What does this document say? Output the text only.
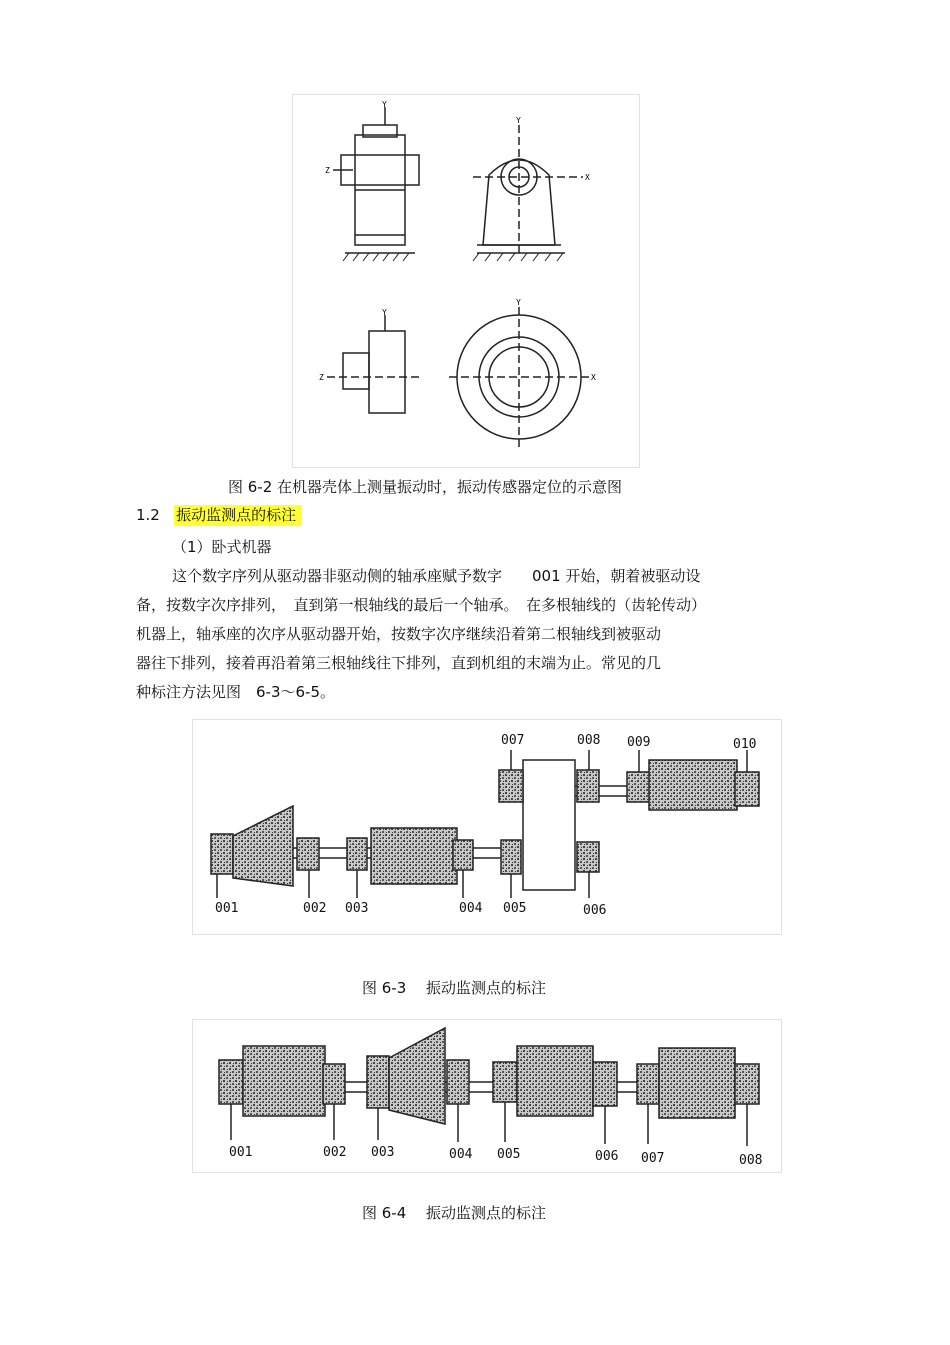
Y
Z
Y
X
Y
Z
Y
X
图 6-2 在机器壳体上测量振动时，振动传感器定位的示意图
1.2 振动监测点的标注
（1）卧式机器
这个数字序列从驱动器非驱动侧的轴承座赋予数字　　001 开始，朝着被驱动设
备，按数字次序排列，　直到第一根轴线的最后一个轴承。　在多根轴线的（齿轮传动）
机器上，轴承座的次序从驱动器开始，按数字次序继续沿着第二根轴线到被驱动
器往下排列，接着再沿着第三根轴线往下排列，直到机组的末端为止。常见的几
种标注方法见图　6-3～6-5。
001	002 003	004 005	006
007	008 009	010
图 6-3　 振动监测点的标注
001	002 003	004 005	006 007	008
图 6-4　 振动监测点的标注
